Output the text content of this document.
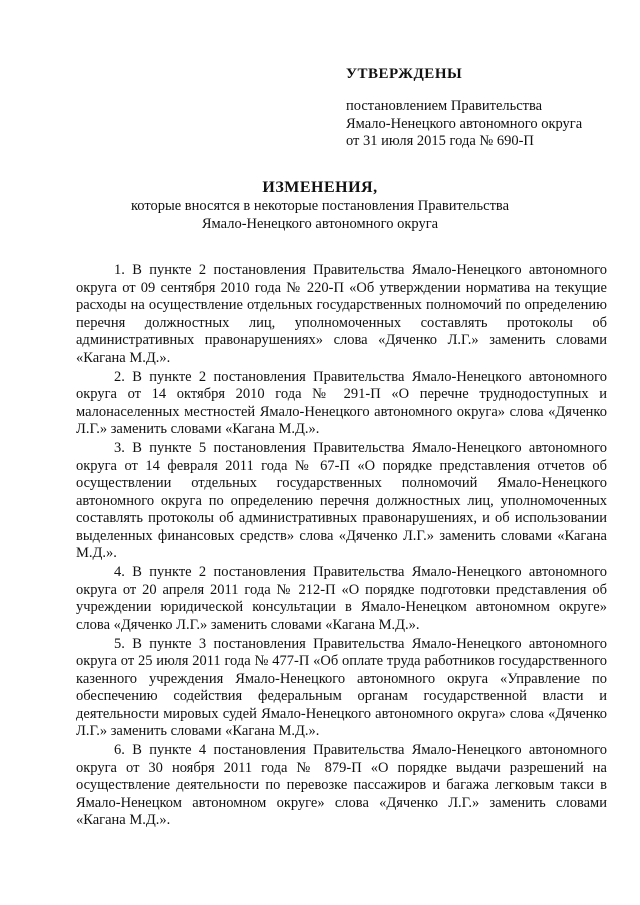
УТВЕРЖДЕНЫ
постановлением Правительства
Ямало-Ненецкого автономного округа
от 31 июля 2015 года № 690-П
ИЗМЕНЕНИЯ,
которые вносятся в некоторые постановления Правительства
Ямало-Ненецкого автономного округа

1. В пункте 2 постановления Правительства Ямало-Ненецкого автономного округа от 09 сентября 2010 года № 220-П «Об утверждении норматива на текущие расходы на осуществление отдельных государственных полномочий по определению перечня должностных лиц, уполномоченных составлять протоколы об административных правонарушениях» слова «Дяченко Л.Г.» заменить словами «Кагана М.Д.».

2. В пункте 2 постановления Правительства Ямало-Ненецкого автономного округа от 14 октября 2010 года № 291-П «О перечне труднодоступных и малонаселенных местностей Ямало-Ненецкого автономного округа» слова «Дяченко Л.Г.» заменить словами «Кагана М.Д.».

3. В пункте 5 постановления Правительства Ямало-Ненецкого автономного округа от 14 февраля 2011 года № 67-П «О порядке представления отчетов об осуществлении отдельных государственных полномочий Ямало-Ненецкого автономного округа по определению перечня должностных лиц, уполномоченных составлять протоколы об административных правонарушениях, и об использовании выделенных финансовых средств» слова «Дяченко Л.Г.» заменить словами «Кагана М.Д.».

4. В пункте 2 постановления Правительства Ямало-Ненецкого автономного округа от 20 апреля 2011 года № 212-П «О порядке подготовки представления об учреждении юридической консультации в Ямало-Ненецком автономном округе» слова «Дяченко Л.Г.» заменить словами «Кагана М.Д.».

5. В пункте 3 постановления Правительства Ямало-Ненецкого автономного округа от 25 июля 2011 года № 477-П «Об оплате труда работников государственного казенного учреждения Ямало-Ненецкого автономного округа «Управление по обеспечению содействия федеральным органам государственной власти и деятельности мировых судей Ямало-Ненецкого автономного округа» слова «Дяченко Л.Г.» заменить словами «Кагана М.Д.».

6. В пункте 4 постановления Правительства Ямало-Ненецкого автономного округа от 30 ноября 2011 года № 879-П «О порядке выдачи разрешений на осуществление деятельности по перевозке пассажиров и багажа легковым такси в Ямало-Ненецком автономном округе» слова «Дяченко Л.Г.» заменить словами «Кагана М.Д.».
